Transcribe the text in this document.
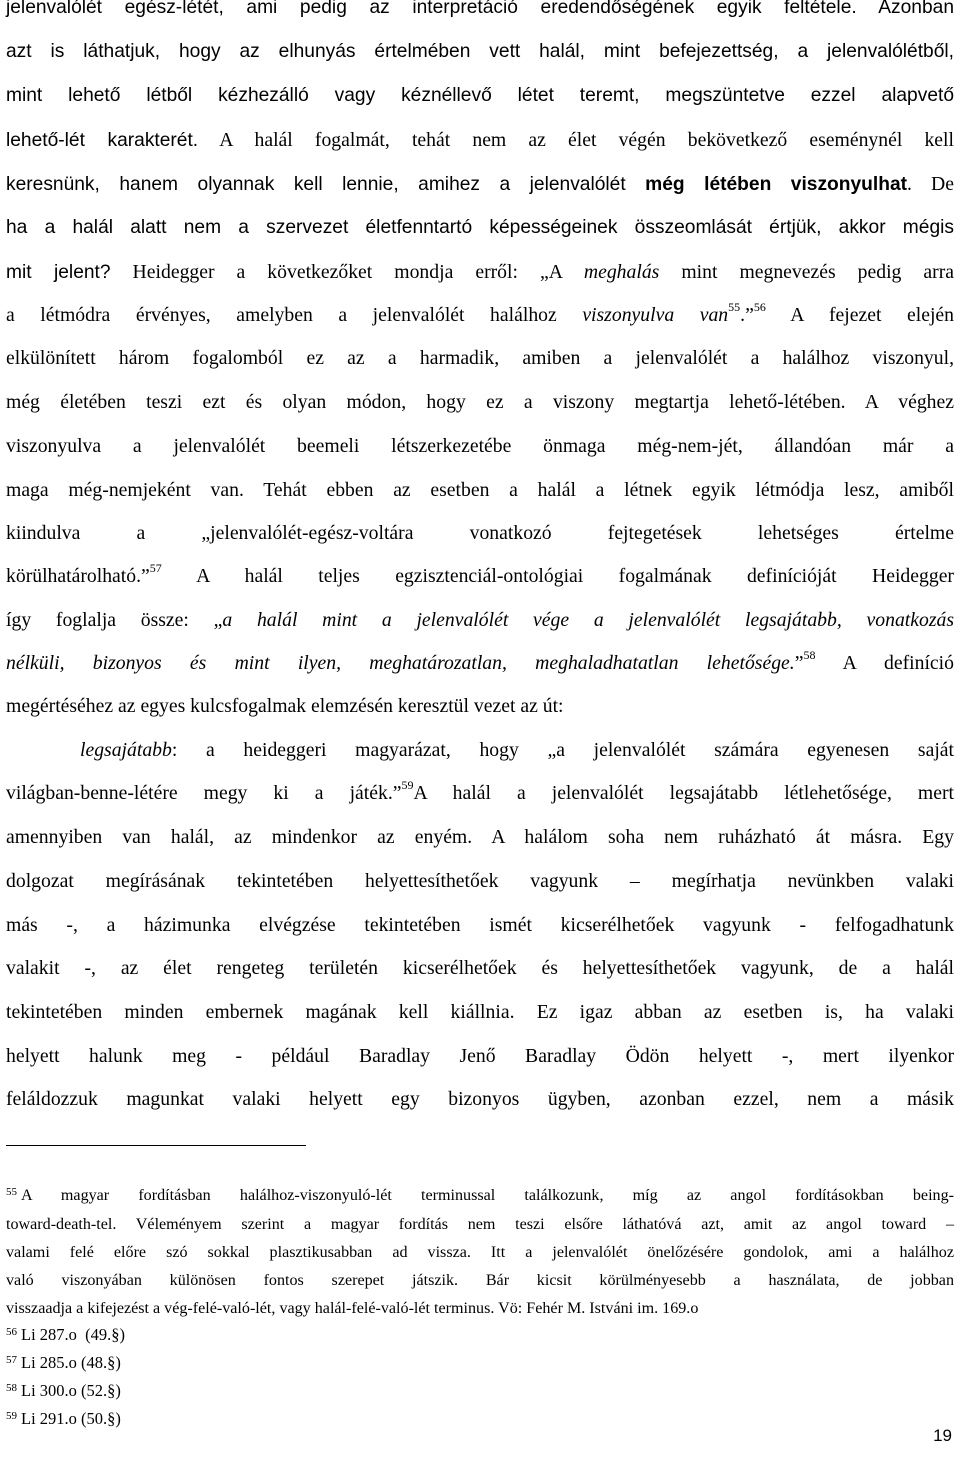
jelenvalólét egész-létét, ami pedig az interpretáció eredendőségének egyik feltétele. Azonban
azt is láthatjuk, hogy az elhunyás értelmében vett halál, mint befejezettség, a jelenvalólétből,
mint lehető létből kézhezálló vagy kéznéllevő létet teremt, megszüntetve ezzel alapvető
lehető-lét karakterét. A halál fogalmát, tehát nem az élet végén bekövetkező eseménynél kell
keresnünk, hanem olyannak kell lennie, amihez a jelenvalólét még létében viszonyulhat. De
ha a halál alatt nem a szervezet életfenntartó képességeinek összeomlását értjük, akkor mégis
mit jelent? Heidegger a következőket mondja erről: „A meghalás mint megnevezés pedig arra
a létmódra érvényes, amelyben a jelenvalólét halálhoz viszonyulva van$^{55}$.”$^{56}$ A fejezet elején
elkülönített három fogalomból ez az a harmadik, amiben a jelenvalólét a halálhoz viszonyul,
még életében teszi ezt és olyan módon, hogy ez a viszony megtartja lehető-létében. A véghez
viszonyulva a jelenvalólét beemeli létszerkezetébe önmaga még-nem-jét, állandóan már a
maga még-nemjeként van. Tehát ebben az esetben a halál a létnek egyik létmódja lesz, amiből
kiindulva a „jelenvalólét-egész-voltára vonatkozó fejtegetések lehetséges értelme
körülhatárolható.”$^{57}$ A halál teljes egzisztenciál-ontológiai fogalmának definícióját Heidegger
így foglalja össze: „a halál mint a jelenvalólét vége a jelenvalólét legsajátabb, vonatkozás
nélküli, bizonyos és mint ilyen, meghatározatlan, meghaladhatatlan lehetősége.”$^{58}$ A definíció
megértéséhez az egyes kulcsfogalmak elemzésén keresztül vezet az út:
legsajátabb: a heideggeri magyarázat, hogy „a jelenvalólét számára egyenesen saját
világban-benne-létére megy ki a játék.”$^{59}$A halál a jelenvalólét legsajátabb létlehetősége, mert
amennyiben van halál, az mindenkor az enyém. A halálom soha nem ruházható át másra. Egy
dolgozat megírásának tekintetében helyettesíthetőek vagyunk – megírhatja nevünkben valaki
más -, a házimunka elvégzése tekintetében ismét kicserélhetőek vagyunk - felfogadhatunk
valakit -, az élet rengeteg területén kicserélhetőek és helyettesíthetőek vagyunk, de a halál
tekintetében minden embernek magának kell kiállnia. Ez igaz abban az esetben is, ha valaki
helyett halunk meg - például Baradlay Jenő Baradlay Ödön helyett -, mert ilyenkor
feláldozzuk magunkat valaki helyett egy bizonyos ügyben, azonban ezzel, nem a másik
$^{55}$ A magyar fordításban halálhoz-viszonyuló-lét terminussal találkozunk, míg az angol fordításokban being-
toward-death-tel. Véleményem szerint a magyar fordítás nem teszi elsőre láthatóvá azt, amit az angol toward –
valami felé előre szó sokkal plasztikusabban ad vissza. Itt a jelenvalólét önelőzésére gondolok, ami a halálhoz
való viszonyában különösen fontos szerepet játszik. Bár kicsit körülményesebb a használata, de jobban
visszaadja a kifejezést a vég-felé-való-lét, vagy halál-felé-való-lét terminus. Vö: Fehér M. Istváni im. 169.o
$^{56}$ Li 287.o  (49.§)
$^{57}$ Li 285.o (48.§)
$^{58}$ Li 300.o (52.§)
$^{59}$ Li 291.o (50.§)
19
